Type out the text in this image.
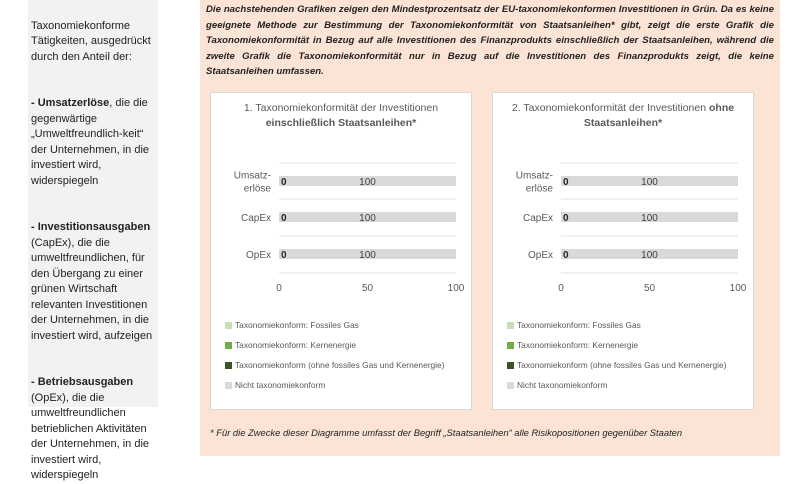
Taxonomiekonforme Tätigkeiten, ausgedrückt durch den Anteil der:

- Umsatzerlöse, die die gegenwärtige „Umweltfreundlich-keit“ der Unternehmen, in die investiert wird, widerspiegeln

- Investitionsausgaben (CapEx), die die umweltfreundlichen, für den Übergang zu einer grünen Wirtschaft relevanten Investitionen der Unternehmen, in die investiert wird, aufzeigen

- Betriebsausgaben (OpEx), die die umweltfreundlichen betrieblichen Aktivitäten der Unternehmen, in die investiert wird, widerspiegeln

Die nachstehenden Grafiken zeigen den Mindestprozentsatz der EU-taxonomiekonformen Investitionen in Grün. Da es keine geeignete Methode zur Bestimmung der Taxonomiekonformität von Staatsanleihen* gibt, zeigt die erste Grafik die Taxonomiekonformität in Bezug auf alle Investitionen des Finanzprodukts einschließlich der Staatsanleihen, während die zweite Grafik die Taxonomiekonformität nur in Bezug auf die Investitionen des Finanzprodukts zeigt, die keine Staatsanleihen umfassen.

Umsatz-erlöse
0	100
CapEx 0	100
OpEx 0	100
0	50	100
1. Taxonomiekonformität der Investitionen einschließlich Staatsanleihen*
Taxonomiekonform: Fossiles Gas
Taxonomiekonform: Kernenergie
Taxonomiekonform (ohne fossiles Gas und Kernenergie)
Nicht taxonomiekonform
Umsatz-erlöse
0	100
CapEx 0	100
OpEx 0	100
0	50	100
2. Taxonomiekonformität der Investitionen ohne Staatsanleihen*
Taxonomiekonform: Fossiles Gas
Taxonomiekonform: Kernenergie
Taxonomiekonform (ohne fossiles Gas und Kernenergie)
Nicht taxonomiekonform

* Für die Zwecke dieser Diagramme umfasst der Begriff „Staatsanleihen“ alle Risikopositionen gegenüber Staaten
